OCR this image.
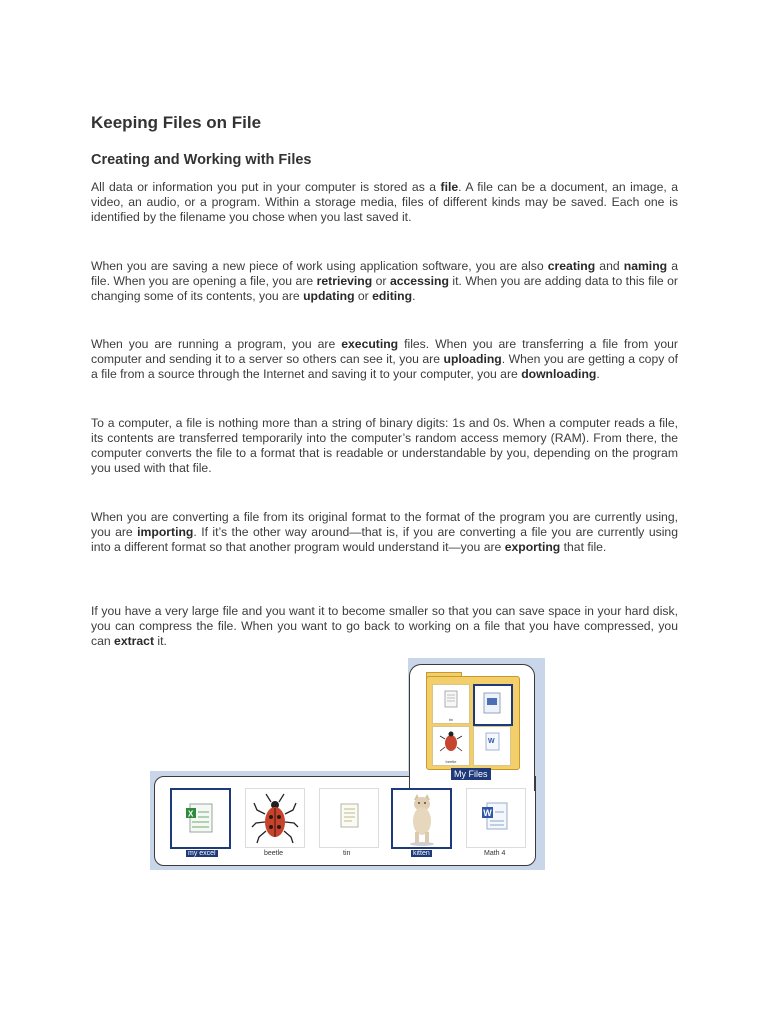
Keeping Files on File
Creating and Working with Files

All data or information you put in your computer is stored as a file. A file can be a document, an image, a video, an audio, or a program. Within a storage media, files of different kinds may be saved. Each one is identified by the filename you chose when you last saved it.

When you are saving a new piece of work using application software, you are also creating and naming a file. When you are opening a file, you are retrieving or accessing it. When you are adding data to this file or changing some of its contents, you are updating or editing.

When you are running a program, you are executing files. When you are transferring a file from your computer and sending it to a server so others can see it, you are uploading. When you are getting a copy of a file from a source through the Internet and saving it to your computer, you are downloading.

To a computer, a file is nothing more than a string of binary digits: 1s and 0s. When a computer reads a file, its contents are transferred temporarily into the computer’s random access memory (RAM). From there, the computer converts the file to a format that is readable or understandable by you, depending on the program you used with that file.

When you are converting a file from its original format to the format of the program you are currently using, you are importing. If it’s the other way around—that is, if you are converting a file you are currently using into a different format so that another program would understand it—you are exporting that file.

If you have a very large file and you want it to become smaller so that you can save space in your hard disk, you can compress the file. When you want to go back to working on a file that you have compressed, you can extract it.

tin
beetle
W
My Files
X	W
my excel	beetle	tin	kitten	Math 4
